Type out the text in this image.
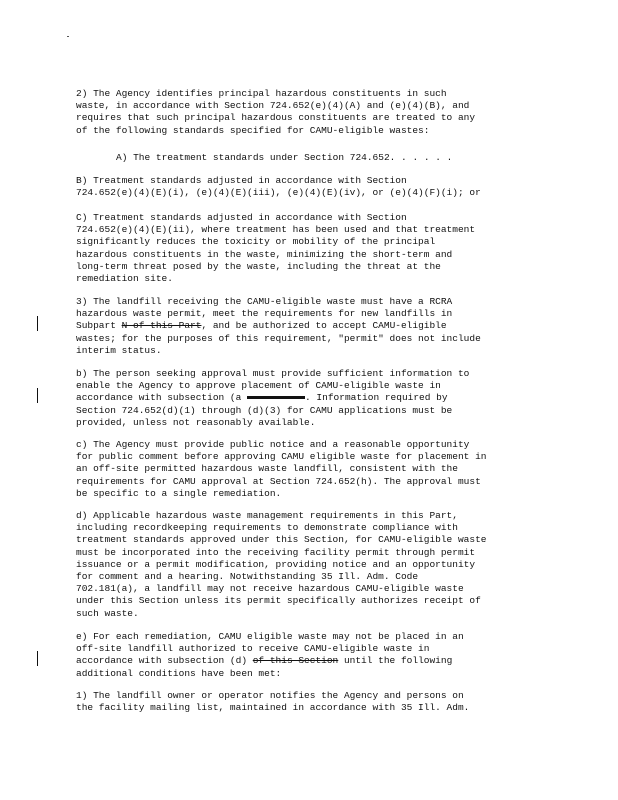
2) The Agency identifies principal hazardous constituents in such
waste, in accordance with Section 724.652(e)(4)(A) and (e)(4)(B), and
requires that such principal hazardous constituents are treated to any
of the following standards specified for CAMU-eligible wastes:

A) The treatment standards under Section 724.652. . . . . .

B) Treatment standards adjusted in accordance with Section
724.652(e)(4)(E)(i), (e)(4)(E)(iii), (e)(4)(E)(iv), or (e)(4)(F)(i); or

C) Treatment standards adjusted in accordance with Section
724.652(e)(4)(E)(ii), where treatment has been used and that treatment
significantly reduces the toxicity or mobility of the principal
hazardous constituents in the waste, minimizing the short-term and
long-term threat posed by the waste, including the threat at the
remediation site.

3) The landfill receiving the CAMU-eligible waste must have a RCRA
hazardous waste permit, meet the requirements for new landfills in
Subpart N of this Part, and be authorized to accept CAMU-eligible
wastes; for the purposes of this requirement, "permit" does not include
interim status.

b) The person seeking approval must provide sufficient information to
enable the Agency to approve placement of CAMU-eligible waste in
accordance with subsection (a	. Information required by
Section 724.652(d)(1) through (d)(3) for CAMU applications must be
provided, unless not reasonably available.

c) The Agency must provide public notice and a reasonable opportunity
for public comment before approving CAMU eligible waste for placement in
an off-site permitted hazardous waste landfill, consistent with the
requirements for CAMU approval at Section 724.652(h). The approval must
be specific to a single remediation.

d) Applicable hazardous waste management requirements in this Part,
including recordkeeping requirements to demonstrate compliance with
treatment standards approved under this Section, for CAMU-eligible waste
must be incorporated into the receiving facility permit through permit
issuance or a permit modification, providing notice and an opportunity
for comment and a hearing. Notwithstanding 35 Ill. Adm. Code
702.181(a), a landfill may not receive hazardous CAMU-eligible waste
under this Section unless its permit specifically authorizes receipt of
such waste.

e) For each remediation, CAMU eligible waste may not be placed in an
off-site landfill authorized to receive CAMU-eligible waste in
accordance with subsection (d) of this Section until the following
additional conditions have been met:

1) The landfill owner or operator notifies the Agency and persons on
the facility mailing list, maintained in accordance with 35 Ill. Adm.
